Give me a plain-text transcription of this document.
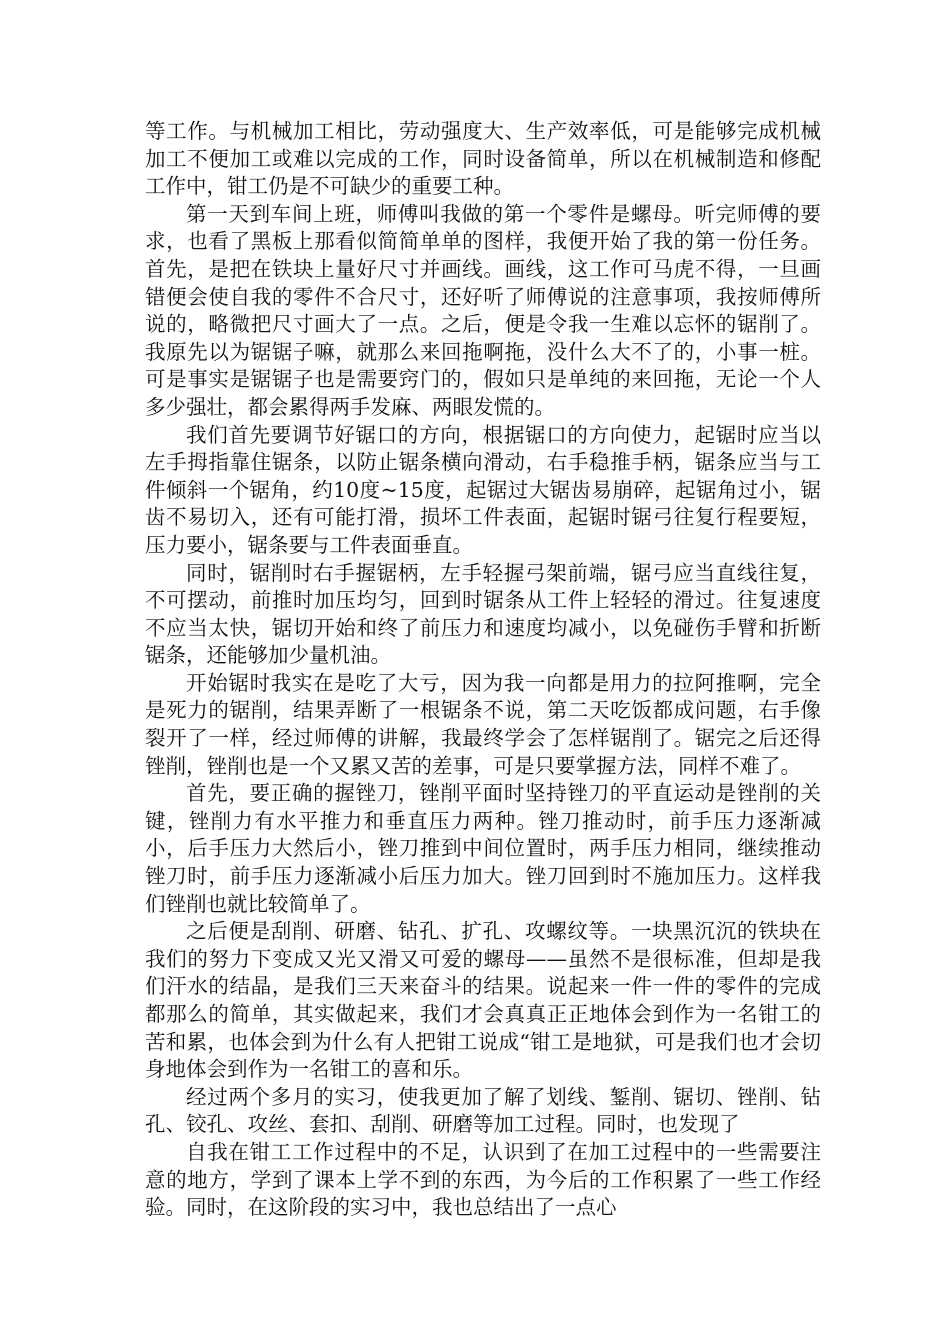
等工作。与机械加工相比，劳动强度大、生产效率低，可是能够完成机械加工不便加工或难以完成的工作，同时设备简单，所以在机械制造和修配工作中，钳工仍是不可缺少的重要工种。

第一天到车间上班，师傅叫我做的第一个零件是螺母。听完师傅的要求，也看了黑板上那看似简简单单的图样，我便开始了我的第一份任务。首先，是把在铁块上量好尺寸并画线。画线，这工作可马虎不得，一旦画错便会使自我的零件不合尺寸，还好听了师傅说的注意事项，我按师傅所说的，略微把尺寸画大了一点。之后，便是令我一生难以忘怀的锯削了。我原先以为锯锯子嘛，就那么来回拖啊拖，没什么大不了的，小事一桩。可是事实是锯锯子也是需要窍门的，假如只是单纯的来回拖，无论一个人多少强壮，都会累得两手发麻、两眼发慌的。

我们首先要调节好锯口的方向，根据锯口的方向使力，起锯时应当以左手拇指靠住锯条，以防止锯条横向滑动，右手稳推手柄，锯条应当与工件倾斜一个锯角，约10度~15度，起锯过大锯齿易崩碎，起锯角过小，锯齿不易切入，还有可能打滑，损坏工件表面，起锯时锯弓往复行程要短，压力要小，锯条要与工件表面垂直。

同时，锯削时右手握锯柄，左手轻握弓架前端，锯弓应当直线往复，不可摆动，前推时加压均匀，回到时锯条从工件上轻轻的滑过。往复速度不应当太快，锯切开始和终了前压力和速度均减小，以免碰伤手臂和折断锯条，还能够加少量机油。

开始锯时我实在是吃了大亏，因为我一向都是用力的拉阿推啊，完全是死力的锯削，结果弄断了一根锯条不说，第二天吃饭都成问题，右手像裂开了一样，经过师傅的讲解，我最终学会了怎样锯削了。锯完之后还得锉削，锉削也是一个又累又苦的差事，可是只要掌握方法，同样不难了。

首先，要正确的握锉刀，锉削平面时坚持锉刀的平直运动是锉削的关键，锉削力有水平推力和垂直压力两种。锉刀推动时，前手压力逐渐减小，后手压力大然后小，锉刀推到中间位置时，两手压力相同，继续推动锉刀时，前手压力逐渐减小后压力加大。锉刀回到时不施加压力。这样我们锉削也就比较简单了。

之后便是刮削、研磨、钻孔、扩孔、攻螺纹等。一块黑沉沉的铁块在我们的努力下变成又光又滑又可爱的螺母——虽然不是很标准，但却是我们汗水的结晶，是我们三天来奋斗的结果。说起来一件一件的零件的完成都那么的简单，其实做起来，我们才会真真正正地体会到作为一名钳工的苦和累，也体会到为什么有人把钳工说成“钳工是地狱，可是我们也才会切身地体会到作为一名钳工的喜和乐。

经过两个多月的实习，使我更加了解了划线、錾削、锯切、锉削、钻孔、铰孔、攻丝、套扣、刮削、研磨等加工过程。同时，也发现了

自我在钳工工作过程中的不足，认识到了在加工过程中的一些需要注意的地方，学到了课本上学不到的东西，为今后的工作积累了一些工作经验。同时，在这阶段的实习中，我也总结出了一点心
